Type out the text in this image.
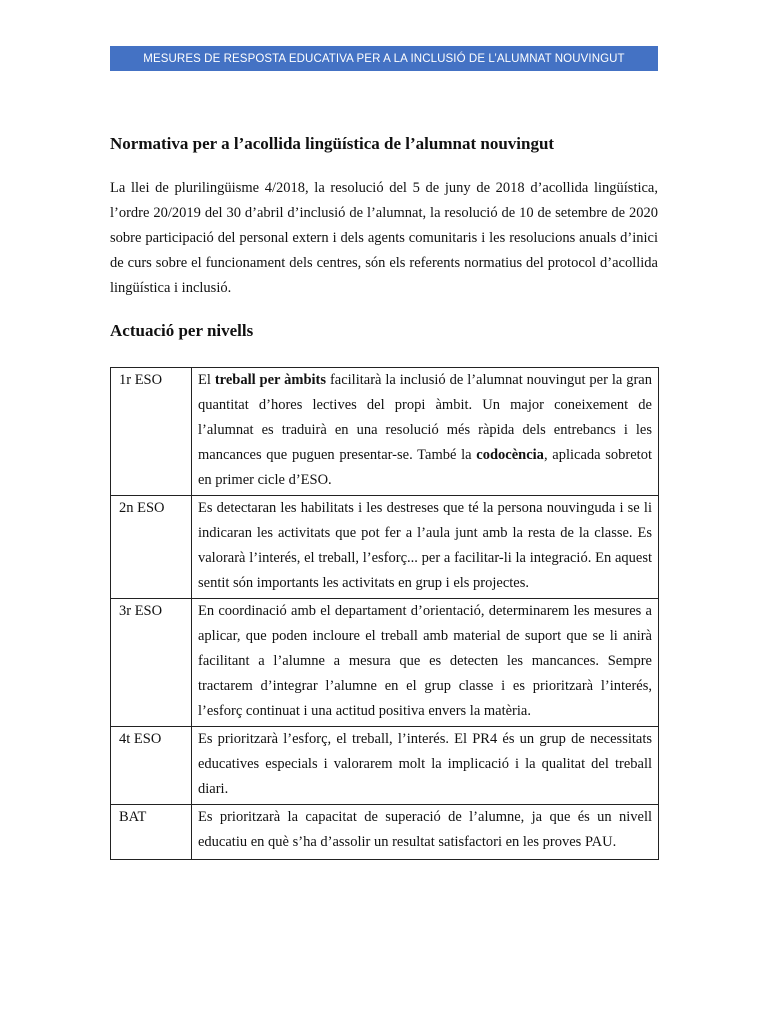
MESURES DE RESPOSTA EDUCATIVA PER A LA INCLUSIÓ DE L’ALUMNAT NOUVINGUT
Normativa per a l’acollida lingüística de l’alumnat nouvingut

La llei de plurilingüisme 4/2018, la resolució del 5 de juny de 2018 d’acollida lingüística, l’ordre 20/2019 del 30 d’abril d’inclusió de l’alumnat, la resolució de 10 de setembre de 2020 sobre participació del personal extern i dels agents comunitaris i les resolucions anuals d’inici de curs sobre el funcionament dels centres, són els referents normatius del protocol d’acollida lingüística i inclusió.

Actuació per nivells
1r ESO	El treball per àmbits facilitarà la inclusió de l’alumnat nouvingut per la gran quantitat d’hores lectives del propi àmbit. Un major coneixement de l’alumnat es traduirà en una resolució més ràpida dels entrebancs i les mancances que puguen presentar-se. També la codocència, aplicada sobretot en primer cicle d’ESO.
2n ESO	Es detectaran les habilitats i les destreses que té la persona nouvinguda i se li indicaran les activitats que pot fer a l’aula junt amb la resta de la classe. Es valorarà l’interés, el treball, l’esforç... per a facilitar-li la integració. En aquest sentit són importants les activitats en grup i els projectes.
3r ESO	En coordinació amb el departament d’orientació, determinarem les mesures a aplicar, que poden incloure el treball amb material de suport que se li anirà facilitant a l’alumne a mesura que es detecten les mancances. Sempre tractarem d’integrar l’alumne en el grup classe i es prioritzarà l’interés, l’esforç continuat i una actitud positiva envers la matèria.
4t ESO	Es prioritzarà l’esforç, el treball, l’interés. El PR4 és un grup de necessitats educatives especials i valorarem molt la implicació i la qualitat del treball diari.
BAT	Es prioritzarà la capacitat de superació de l’alumne, ja que és un nivell educatiu en què s’ha d’assolir un resultat satisfactori en les proves PAU.
